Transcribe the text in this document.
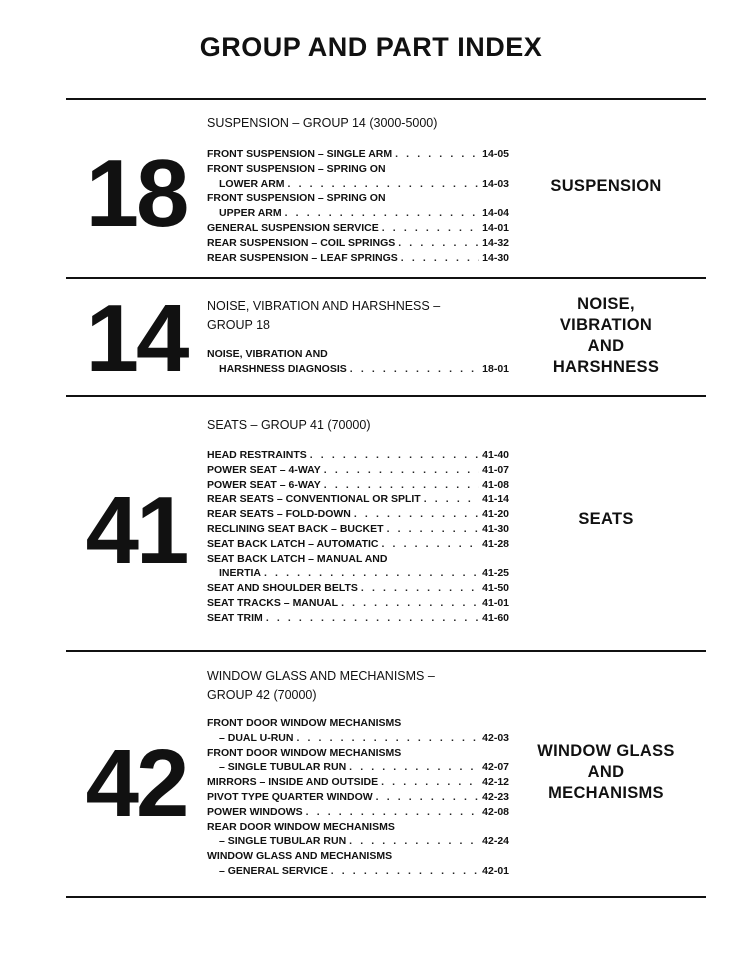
GROUP AND PART INDEX
18
SUSPENSION – GROUP 14 (3000-5000)
FRONT SUSPENSION – SINGLE ARM . . .	14-05
FRONT SUSPENSION – SPRING ON
LOWER ARM . . .	14-03
FRONT SUSPENSION – SPRING ON
UPPER ARM . . .	14-04
GENERAL SUSPENSION SERVICE . . .	14-01
REAR SUSPENSION – COIL SPRINGS . . .	14-32
REAR SUSPENSION – LEAF SPRINGS . . .	14-30
SUSPENSION
14 NOISE, VIBRATION AND HARSHNESS –
GROUP 18
NOISE, VIBRATION AND
HARSHNESS DIAGNOSIS . . .	18-01
NOISE,
VIBRATION
AND
HARSHNESS
41
SEATS – GROUP 41 (70000)
HEAD RESTRAINTS . . .	41-40
POWER SEAT – 4-WAY . . .	41-07
POWER SEAT – 6-WAY . . .	41-08
REAR SEATS – CONVENTIONAL OR SPLIT . . .	41-14
REAR SEATS – FOLD-DOWN . . .	41-20
RECLINING SEAT BACK – BUCKET . . .	41-30
SEAT BACK LATCH – AUTOMATIC . . .	41-28
SEAT BACK LATCH – MANUAL AND
INERTIA . . .	41-25
SEAT AND SHOULDER BELTS . . .	41-50
SEAT TRACKS – MANUAL . . .	41-01
SEAT TRIM . . .	41-60
SEATS
42
WINDOW GLASS AND MECHANISMS –
GROUP 42 (70000)
FRONT DOOR WINDOW MECHANISMS
– DUAL U-RUN . . .	42-03
FRONT DOOR WINDOW MECHANISMS
– SINGLE TUBULAR RUN . . .	42-07
MIRRORS – INSIDE AND OUTSIDE . . .	42-12
PIVOT TYPE QUARTER WINDOW . . .	42-23
POWER WINDOWS . . .	42-08
REAR DOOR WINDOW MECHANISMS
– SINGLE TUBULAR RUN . . .	42-24
WINDOW GLASS AND MECHANISMS
– GENERAL SERVICE . . .	42-01
WINDOW GLASS
AND
MECHANISMS
